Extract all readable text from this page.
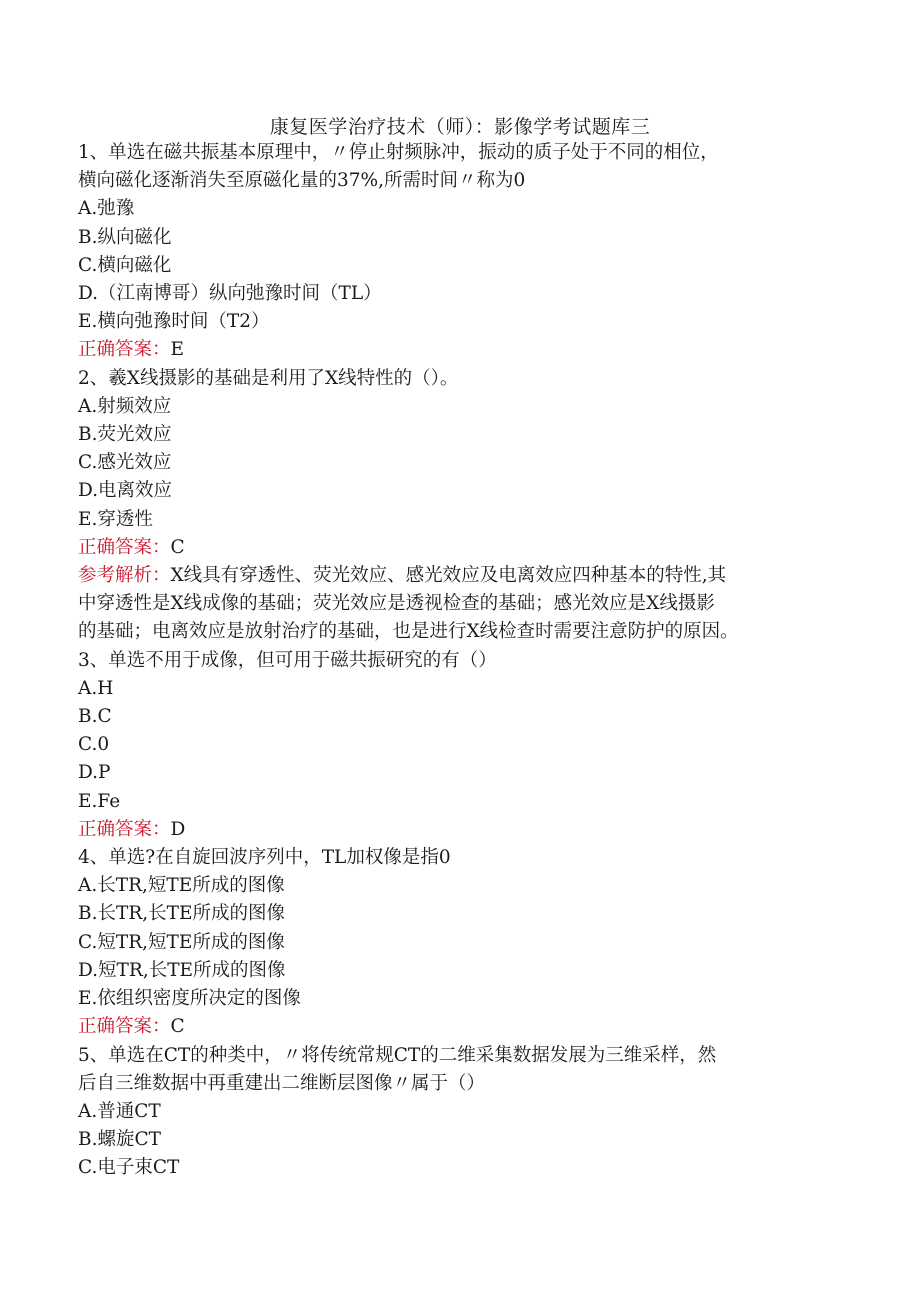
康复医学治疗技术（师）：影像学考试题库三

1、单选在磁共振基本原理中，〃停止射频脉冲，振动的质子处于不同的相位，

横向磁化逐渐消失至原磁化量的37%,所需时间〃称为0

A.弛豫

B.纵向磁化

C.横向磁化

D.（江南博哥）纵向弛豫时间（TL）

E.横向弛豫时间（T2）

正确答案：E

2、羲X线摄影的基础是利用了X线特性的（）。

A.射频效应

B.荧光效应

C.感光效应

D.电离效应

E.穿透性

正确答案：C

参考解析：X线具有穿透性、荧光效应、感光效应及电离效应四种基本的特性,其

中穿透性是X线成像的基础；荧光效应是透视检查的基础；感光效应是X线摄影

的基础；电离效应是放射治疗的基础，也是进行X线检查时需要注意防护的原因。

3、单选不用于成像，但可用于磁共振研究的有（）

A.H

B.C

C.0

D.P

E.Fe

正确答案：D

4、单选?在自旋回波序列中，TL加权像是指0

A.长TR,短TE所成的图像

B.长TR,长TE所成的图像

C.短TR,短TE所成的图像

D.短TR,长TE所成的图像

E.依组织密度所决定的图像

正确答案：C

5、单选在CT的种类中，〃将传统常规CT的二维采集数据发展为三维采样，然

后自三维数据中再重建出二维断层图像〃属于（）

A.普通CT

B.螺旋CT

C.电子束CT
